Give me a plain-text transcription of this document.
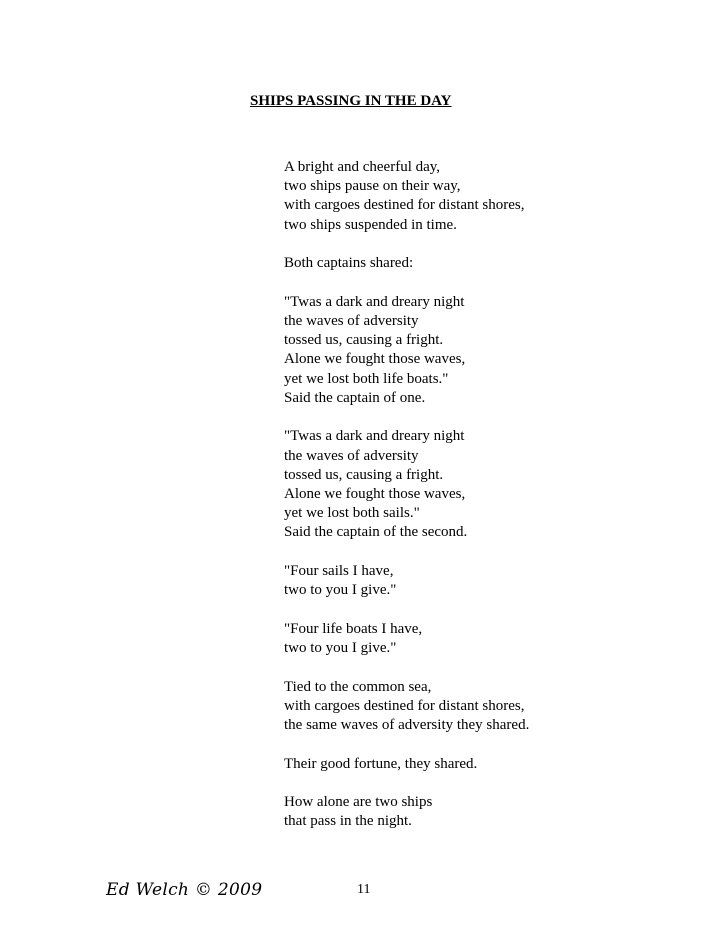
SHIPS PASSING IN THE DAY
A bright and cheerful day,
two ships pause on their way,
with cargoes destined for distant shores,
two ships suspended in time.
Both captains shared:
"Twas a dark and dreary night
the waves of adversity
tossed us, causing a fright.
Alone we fought those waves,
yet we lost both life boats."
Said the captain of one.
"Twas a dark and dreary night
the waves of adversity
tossed us, causing a fright.
Alone we fought those waves,
yet we lost both sails."
Said the captain of the second.
"Four sails I have,
two to you I give."
"Four life boats I have,
two to you I give."
Tied to the common sea,
with cargoes destined for distant shores,
the same waves of adversity they shared.
Their good fortune, they shared.
How alone are two ships
that pass in the night.
Ed Welch © 2009	11
